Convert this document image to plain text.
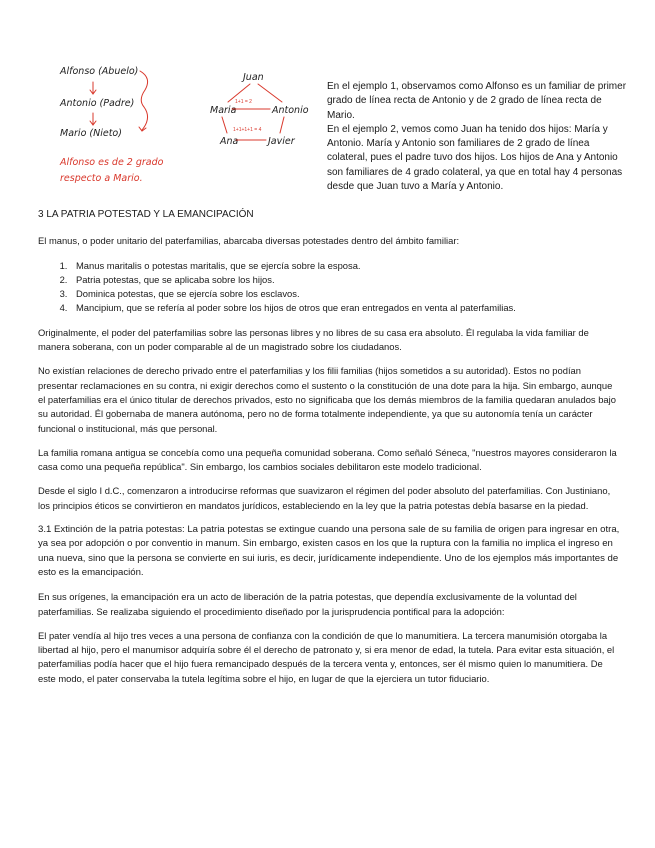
Alfonso (Abuelo)
Antonio (Padre)
Mario (Nieto)
Alfonso es de 2 grado
respecto a Mario.
Juan
Maria	Antonio
Ana	Javier
1+1 = 2
1+1+1+1 = 4

En el ejemplo 1, observamos como Alfonso es un familiar de primer grado de línea recta de Antonio y de 2 grado de línea recta de Mario.
En el ejemplo 2, vemos como Juan ha tenido dos hijos: María y Antonio. María y Antonio son familiares de 2 grado de línea colateral, pues el padre tuvo dos hijos. Los hijos de Ana y Antonio son familiares de 4 grado colateral, ya que en total hay 4 personas desde que Juan tuvo a María y Antonio.

3 LA PATRIA POTESTAD Y LA EMANCIPACIÓN

El manus, o poder unitario del paterfamilias, abarcaba diversas potestades dentro del ámbito familiar:

1. Manus maritalis o potestas maritalis, que se ejercía sobre la esposa.
2. Patria potestas, que se aplicaba sobre los hijos.
3. Dominica potestas, que se ejercía sobre los esclavos.
4. Mancipium, que se refería al poder sobre los hijos de otros que eran entregados en venta al paterfamilias.

Originalmente, el poder del paterfamilias sobre las personas libres y no libres de su casa era absoluto. Él regulaba la vida familiar de manera soberana, con un poder comparable al de un magistrado sobre los ciudadanos.

No existían relaciones de derecho privado entre el paterfamilias y los filii familias (hijos sometidos a su autoridad). Estos no podían presentar reclamaciones en su contra, ni exigir derechos como el sustento o la constitución de una dote para la hija. Sin embargo, aunque el paterfamilias era el único titular de derechos privados, esto no significaba que los demás miembros de la familia quedaran anulados bajo su autoridad. Él gobernaba de manera autónoma, pero no de forma totalmente independiente, ya que su autonomía tenía un carácter funcional o institucional, más que personal.

La familia romana antigua se concebía como una pequeña comunidad soberana. Como señaló Séneca, "nuestros mayores consideraron la casa como una pequeña república". Sin embargo, los cambios sociales debilitaron este modelo tradicional.

Desde el siglo I d.C., comenzaron a introducirse reformas que suavizaron el régimen del poder absoluto del paterfamilias. Con Justiniano, los principios éticos se convirtieron en mandatos jurídicos, estableciendo en la ley que la patria potestas debía basarse en la piedad.

3.1 Extinción de la patria potestas: La patria potestas se extingue cuando una persona sale de su familia de origen para ingresar en otra, ya sea por adopción o por conventio in manum. Sin embargo, existen casos en los que la ruptura con la familia no implica el ingreso en una nueva, sino que la persona se convierte en sui iuris, es decir, jurídicamente independiente. Uno de los ejemplos más importantes de esto es la emancipación.

En sus orígenes, la emancipación era un acto de liberación de la patria potestas, que dependía exclusivamente de la voluntad del paterfamilias. Se realizaba siguiendo el procedimiento diseñado por la jurisprudencia pontifical para la adopción:

El pater vendía al hijo tres veces a una persona de confianza con la condición de que lo manumitiera. La tercera manumisión otorgaba la libertad al hijo, pero el manumisor adquiría sobre él el derecho de patronato y, si era menor de edad, la tutela. Para evitar esta situación, el paterfamilias podía hacer que el hijo fuera remancipado después de la tercera venta y, entonces, ser él mismo quien lo manumitiera. De este modo, el pater conservaba la tutela legítima sobre el hijo, en lugar de que la ejerciera un tutor fiduciario.
